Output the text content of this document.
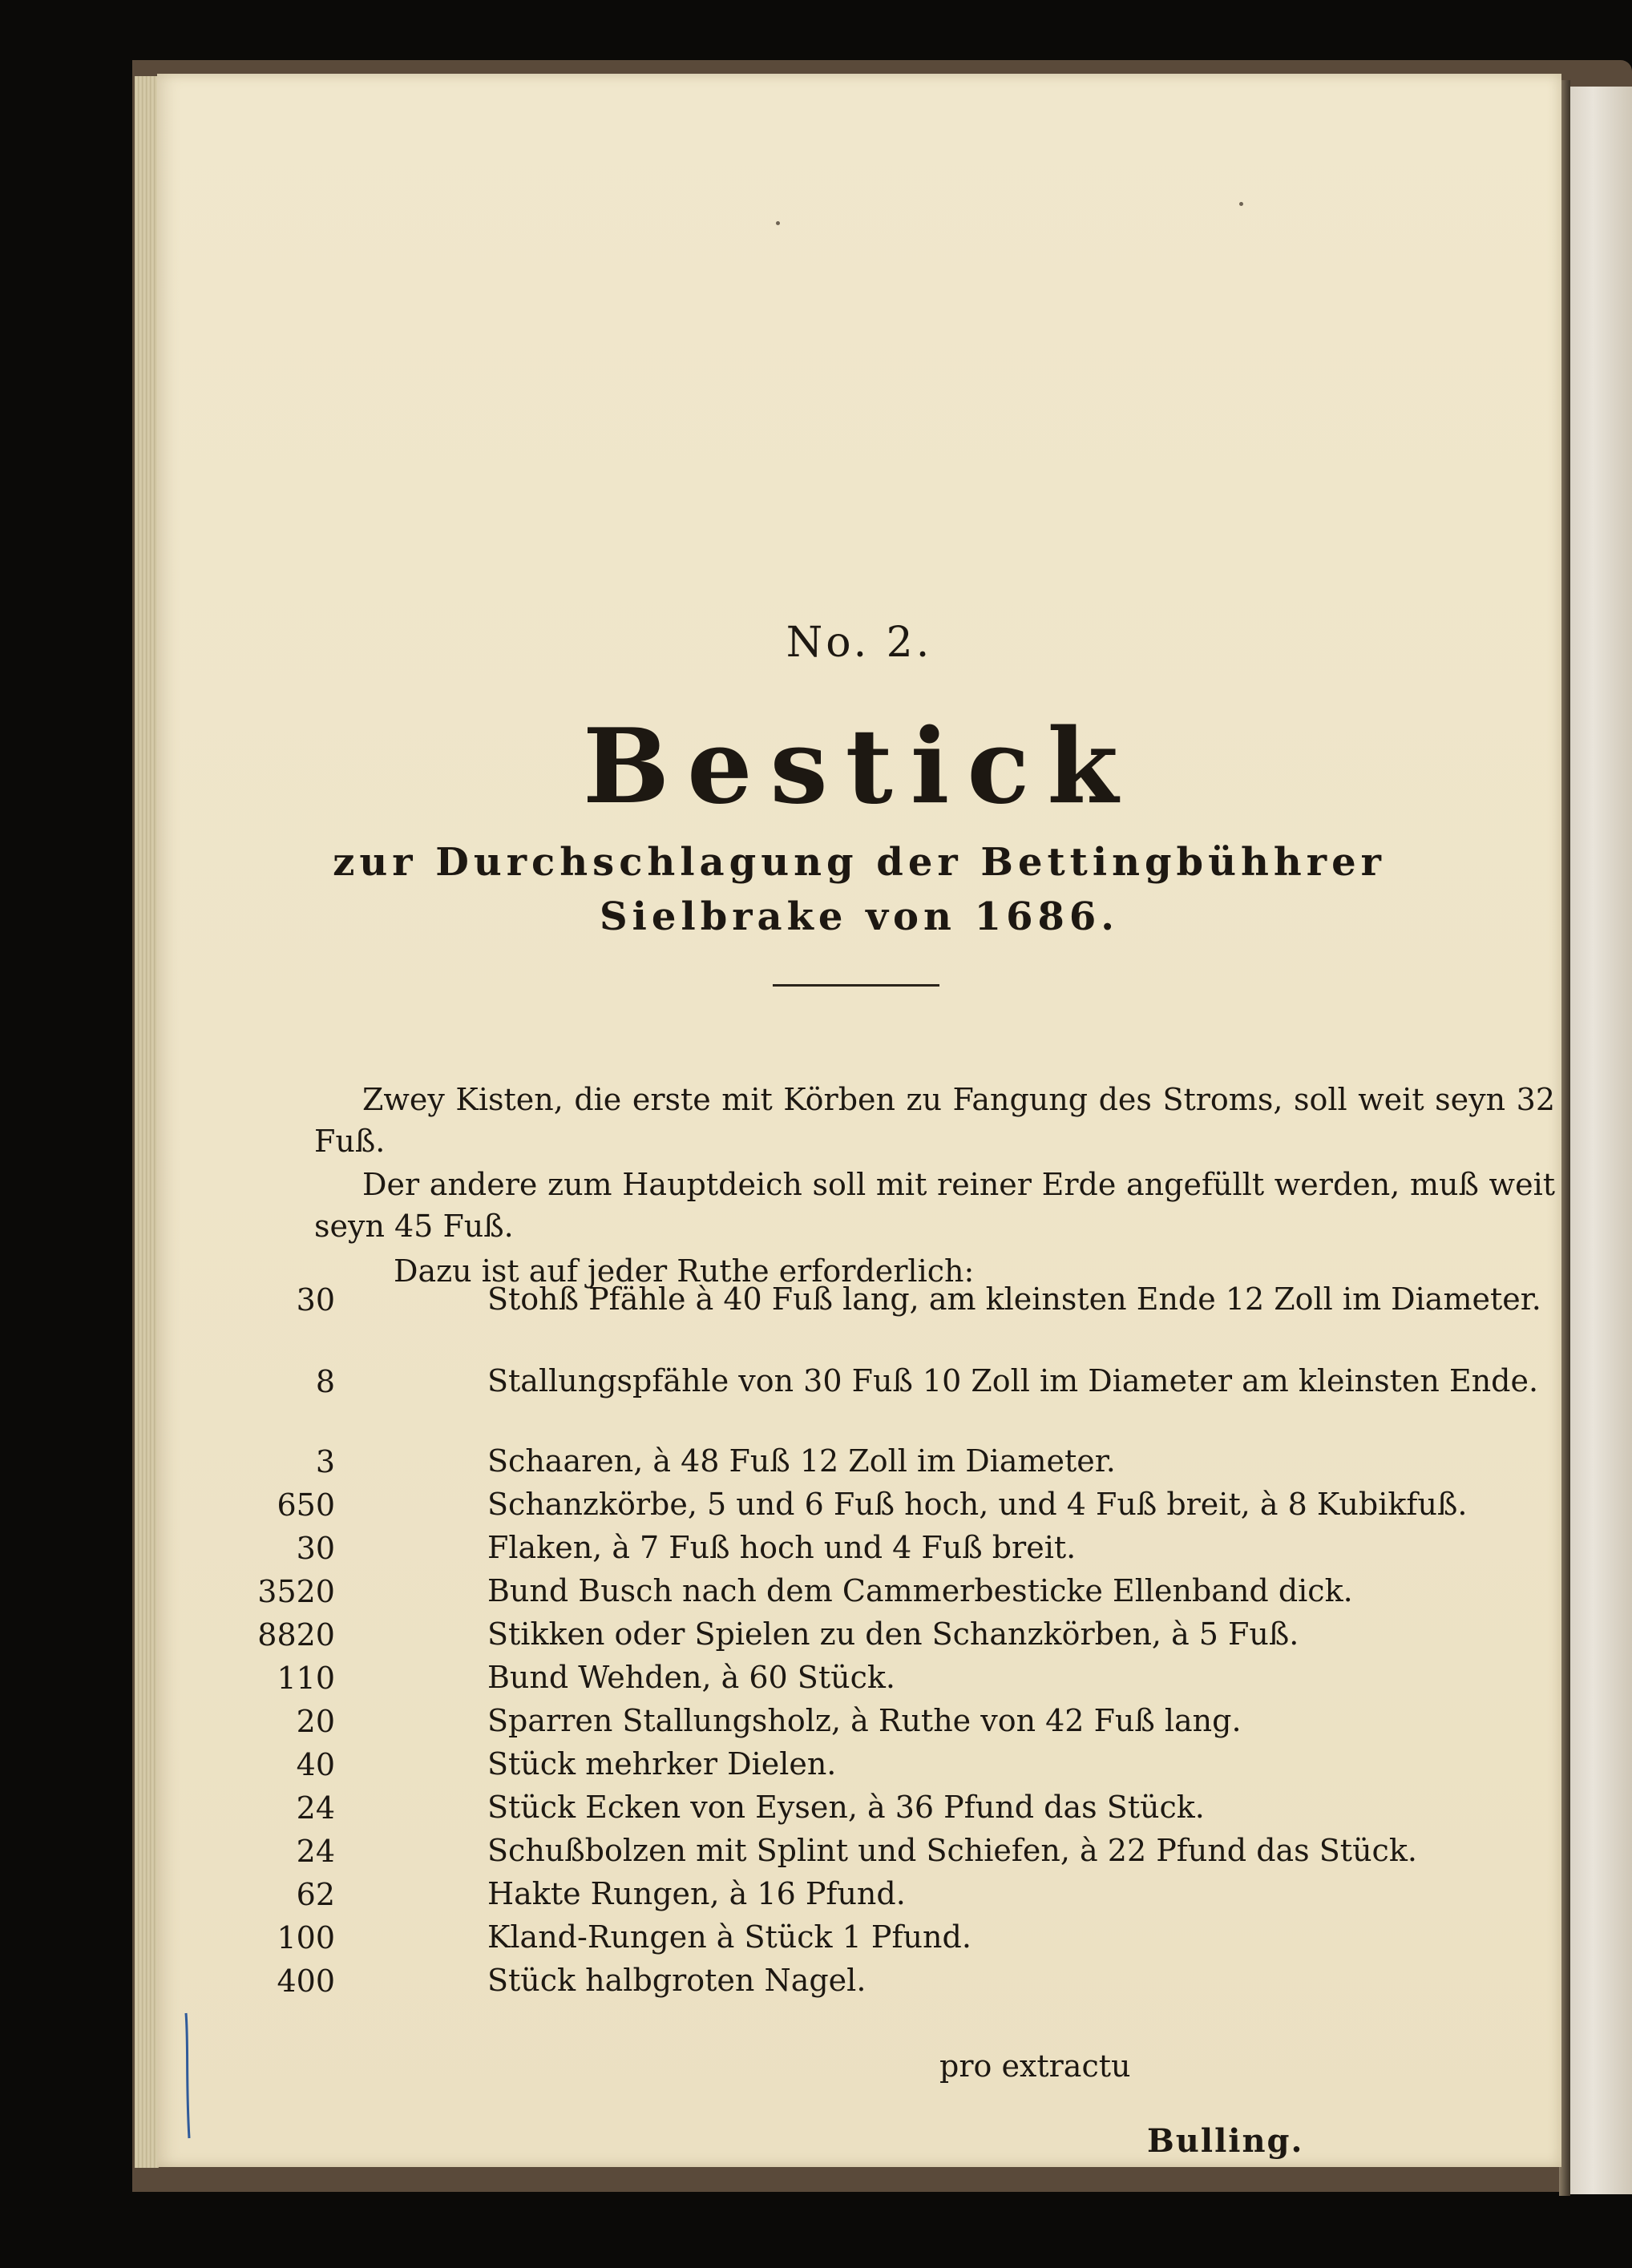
No. 2.
Bestick
zur Durchschlagung der Bettingbühhrer
Sielbrake von 1686.
Zwey Kisten, die erste mit Körben zu Fangung des Stroms, soll weit seyn 32 Fuß.
Der andere zum Hauptdeich soll mit reiner Erde angefüllt werden, muß weit seyn 45 Fuß.
Dazu ist auf jeder Ruthe erforderlich:
30	Stohß Pfähle à 40 Fuß lang, am kleinsten Ende 12 Zoll im Diameter.
8	Stallungspfähle von 30 Fuß 10 Zoll im Diameter am kleinsten Ende.
3	Schaaren, à 48 Fuß 12 Zoll im Diameter.
650	Schanzkörbe, 5 und 6 Fuß hoch, und 4 Fuß breit, à 8 Kubikfuß.
30	Flaken, à 7 Fuß hoch und 4 Fuß breit.
3520	Bund Busch nach dem Cammerbesticke Ellenband dick.
8820	Stikken oder Spielen zu den Schanzkörben, à 5 Fuß.
110	Bund Wehden, à 60 Stück.
20	Sparren Stallungsholz, à Ruthe von 42 Fuß lang.
40	Stück mehrker Dielen.
24	Stück Ecken von Eysen, à 36 Pfund das Stück.
24	Schußbolzen mit Splint und Schiefen, à 22 Pfund das Stück.
62	Hakte Rungen, à 16 Pfund.
100	Kland-Rungen à Stück 1 Pfund.
400	Stück halbgroten Nagel.
pro extractu
Bulling.
